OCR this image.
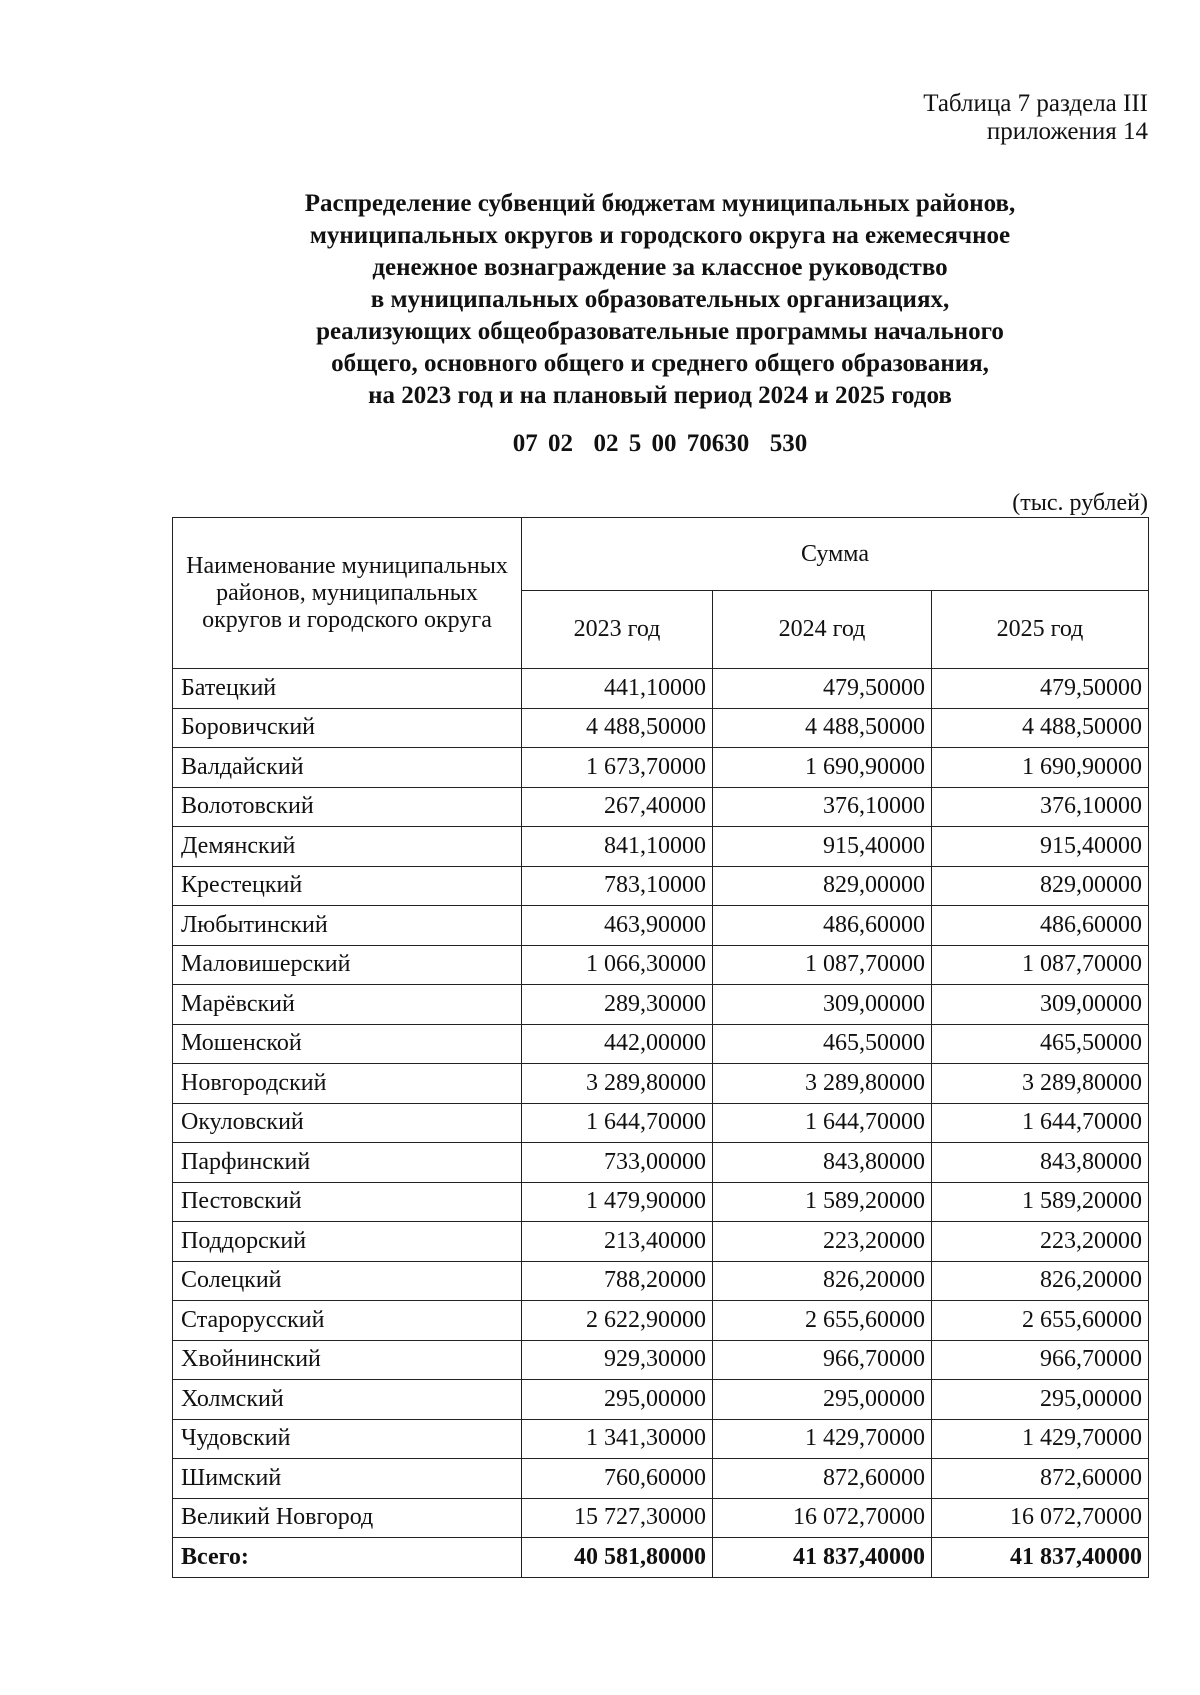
Таблица 7 раздела III
приложения 14
Распределение субвенций бюджетам муниципальных районов,
муниципальных округов и городского округа на ежемесячное
денежное вознаграждение за классное руководство
в муниципальных образовательных организациях,
реализующих общеобразовательные программы начального
общего, основного общего и среднего общего образования,
на 2023 год и на плановый период 2024 и 2025 годов
07 02  02 5 00 70630  530
(тыс. рублей)
Наименование муниципальных районов, муниципальных округов и городского округа	Сумма		
	2023 год	2024 год	2025 год
Батецкий	441,10000	479,50000	479,50000
Боровичский	4 488,50000	4 488,50000	4 488,50000
Валдайский	1 673,70000	1 690,90000	1 690,90000
Волотовский	267,40000	376,10000	376,10000
Демянский	841,10000	915,40000	915,40000
Крестецкий	783,10000	829,00000	829,00000
Любытинский	463,90000	486,60000	486,60000
Маловишерский	1 066,30000	1 087,70000	1 087,70000
Марёвский	289,30000	309,00000	309,00000
Мошенской	442,00000	465,50000	465,50000
Новгородский	3 289,80000	3 289,80000	3 289,80000
Окуловский	1 644,70000	1 644,70000	1 644,70000
Парфинский	733,00000	843,80000	843,80000
Пестовский	1 479,90000	1 589,20000	1 589,20000
Поддорский	213,40000	223,20000	223,20000
Солецкий	788,20000	826,20000	826,20000
Старорусский	2 622,90000	2 655,60000	2 655,60000
Хвойнинский	929,30000	966,70000	966,70000
Холмский	295,00000	295,00000	295,00000
Чудовский	1 341,30000	1 429,70000	1 429,70000
Шимский	760,60000	872,60000	872,60000
Великий Новгород	15 727,30000	16 072,70000	16 072,70000
Всего:	40 581,80000	41 837,40000	41 837,40000
